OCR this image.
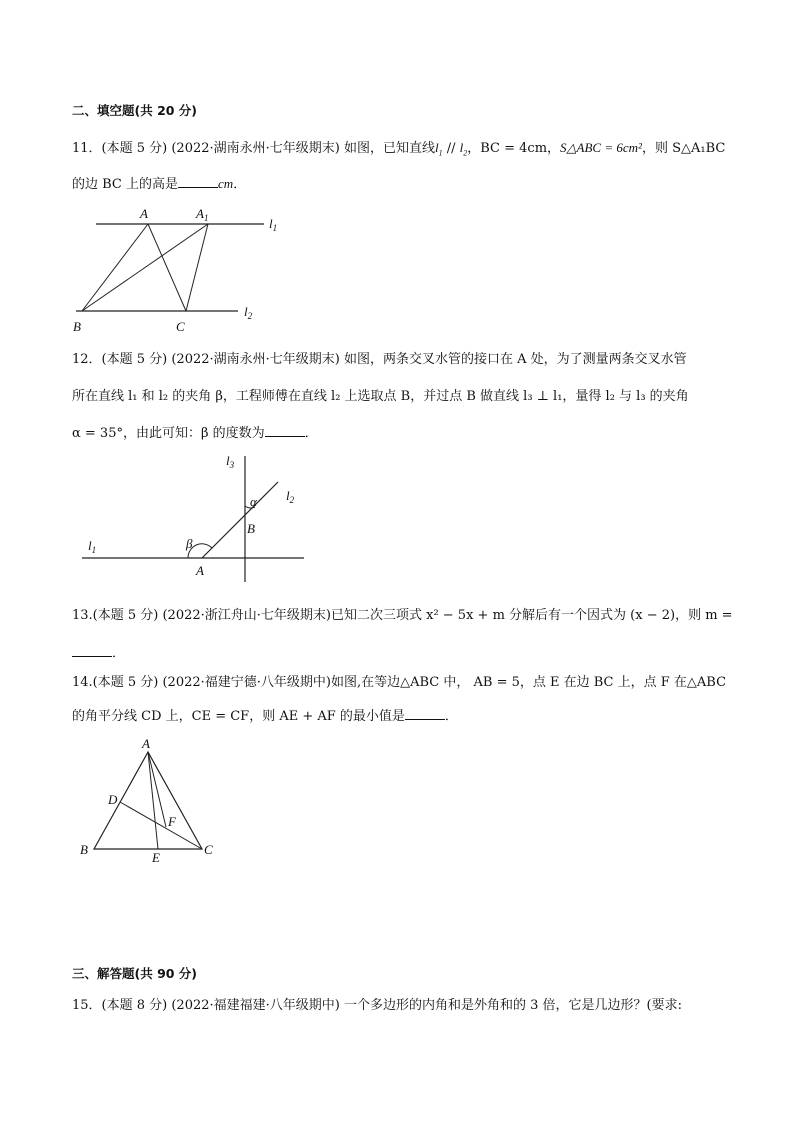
二、填空题(共 20 分)
11．(本题 5 分) (2022·湖南永州·七年级期末) 如图，已知直线$l_1 // l_2$，BC = 4cm，S△ABC = 6cm²，则 S△A₁BC
的边 BC 上的高是	cm．
A	$A_1$	$l_1$
$l_2$
B	C
12．(本题 5 分) (2022·湖南永州·七年级期末) 如图，两条交叉水管的接口在 A 处，为了测量两条交叉水管
所在直线 l₁ 和 l₂ 的夹角 β，工程师傅在直线 l₂ 上选取点 B，并过点 B 做直线 l₃ ⊥ l₁，量得 l₂ 与 l₃ 的夹角
α = 35°，由此可知：β 的度数为	．
$l_3$
$l_2$
$l_1$
α
β
B
A
13.(本题 5 分) (2022·浙江舟山·七年级期末)已知二次三项式 x² − 5x + m 分解后有一个因式为 (x − 2)，则 m =
．
14.(本题 5 分) (2022·福建宁德·八年级期中)如图,在等边△ABC 中， AB = 5，点 E 在边 BC 上，点 F 在△ABC
的角平分线 CD 上，CE = CF，则 AE + AF 的最小值是	．
A
B	C
D
E
F
三、解答题(共 90 分)
15．(本题 8 分) (2022·福建福建·八年级期中) 一个多边形的内角和是外角和的 3 倍，它是几边形？(要求:
